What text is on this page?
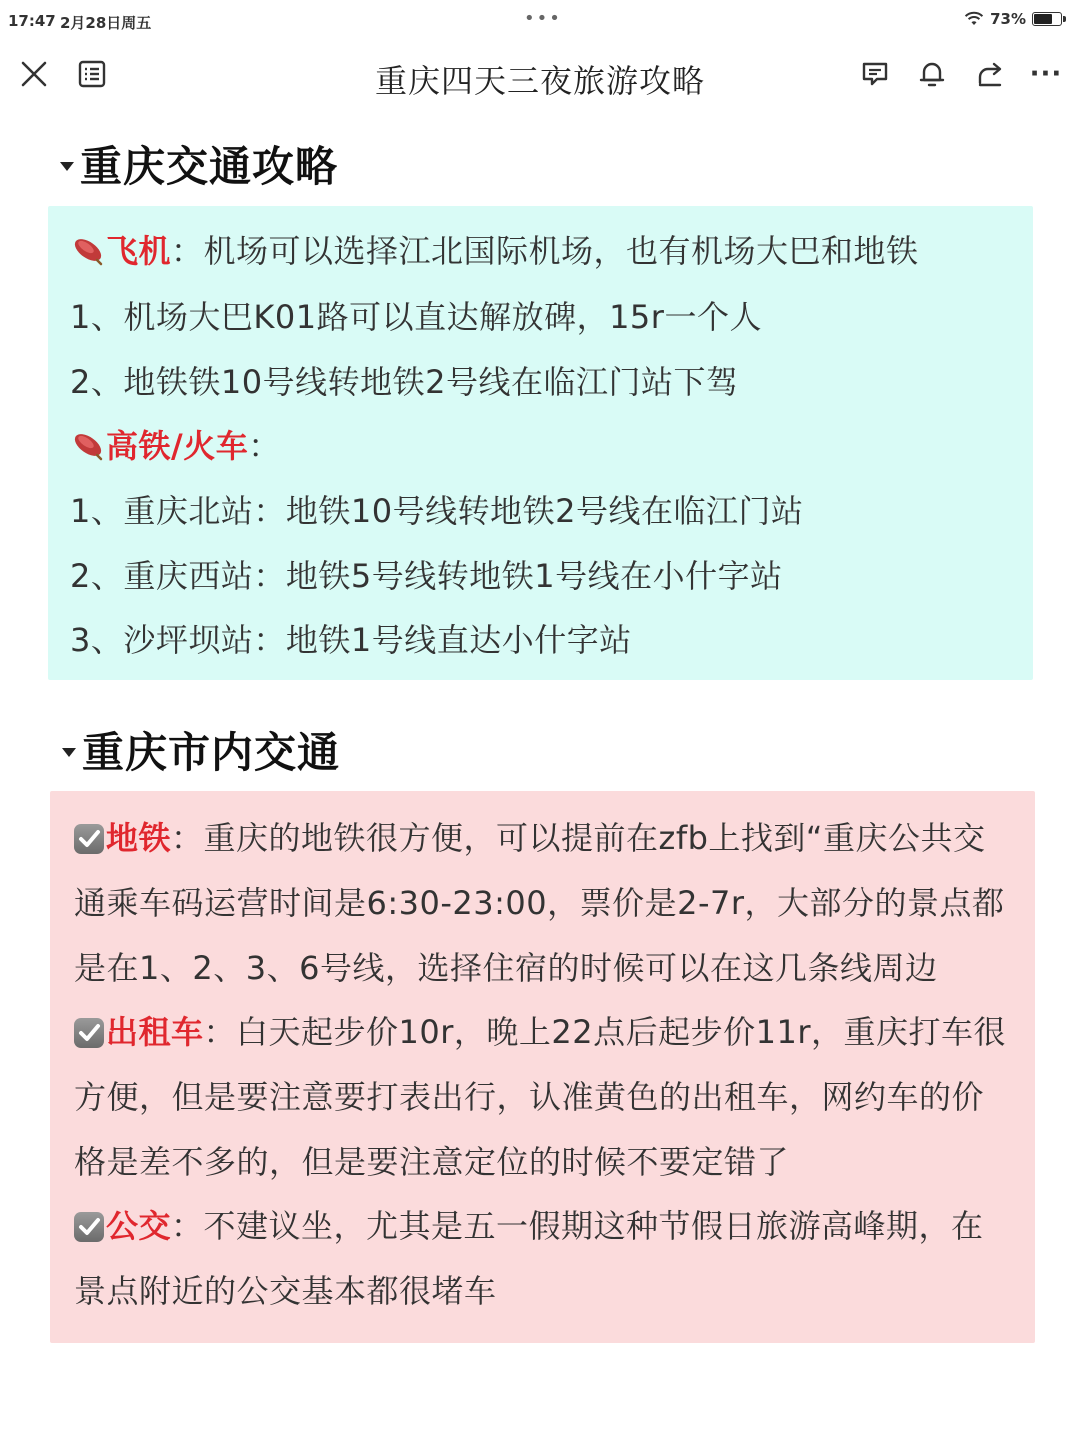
17:47 2月28日周五	•••	73%
重庆四天三夜旅游攻略	···
重庆交通攻略
飞机：机场可以选择江北国际机场，也有机场大巴和地铁
1、机场大巴K01路可以直达解放碑，15r一个人
2、地铁铁10号线转地铁2号线在临江门站下驾
高铁/火车：
1、重庆北站：地铁10号线转地铁2号线在临江门站
2、重庆西站：地铁5号线转地铁1号线在小什字站
3、沙坪坝站：地铁1号线直达小什字站
重庆市内交通
地铁：重庆的地铁很方便，可以提前在zfb上找到“重庆公共交
通乘车码运营时间是6:30-23:00，票价是2-7r，大部分的景点都
是在1、2、3、6号线，选择住宿的时候可以在这几条线周边
出租车：白天起步价10r，晚上22点后起步价11r，重庆打车很
方便，但是要注意要打表出行，认准黄色的出租车，网约车的价
格是差不多的，但是要注意定位的时候不要定错了
公交：不建议坐，尤其是五一假期这种节假日旅游高峰期，在
景点附近的公交基本都很堵车
